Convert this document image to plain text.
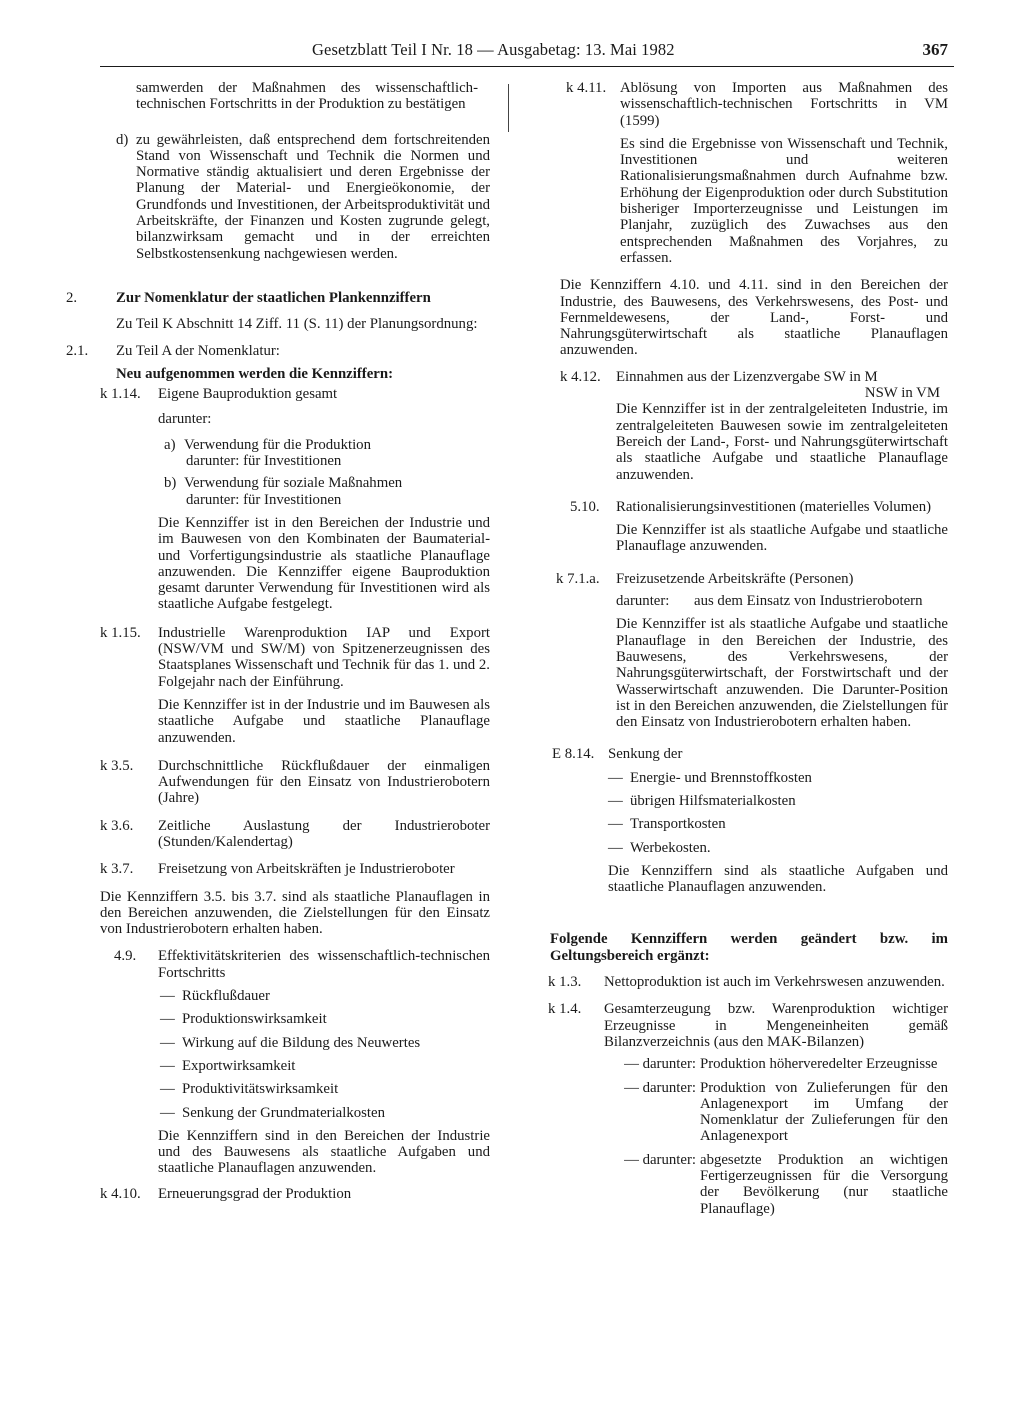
Gesetzblatt Teil I Nr. 18 — Ausgabetag: 13. Mai 1982	367

samwerden der Maßnahmen des wissenschaftlich-technischen Fortschritts in der Produktion zu bestätigen

d) zu gewährleisten, daß entsprechend dem fortschreitenden Stand von Wissenschaft und Technik die Normen und Normative ständig aktualisiert und deren Ergebnisse der Planung der Material- und Energieökonomie, der Grundfonds und Investitionen, der Arbeitsproduktivität und Arbeitskräfte, der Finanzen und Kosten zugrunde gelegt, bilanzwirksam gemacht und in der erreichten Selbstkostensenkung nachgewiesen werden.

2.	Zur Nomenklatur der staatlichen Plankennziffern

Zu Teil K Abschnitt 14 Ziff. 11 (S. 11) der Planungsordnung:

2.1.	Zu Teil A der Nomenklatur:

Neu aufgenommen werden die Kennziffern:

k 1.14.	Eigene Bauproduktion gesamt

darunter:

a) Verwendung für die Produktion

darunter: für Investitionen

b) Verwendung für soziale Maßnahmen

darunter: für Investitionen

Die Kennziffer ist in den Bereichen der Industrie und im Bauwesen von den Kombinaten der Baumaterial- und Vorfertigungsindustrie als staatliche Planauflage anzuwenden. Die Kennziffer eigene Bauproduktion gesamt darunter Verwendung für Investitionen wird als staatliche Aufgabe festgelegt.

k 1.15.	Industrielle Warenproduktion IAP und Export (NSW/VM und SW/M) von Spitzenerzeugnissen des Staatsplanes Wissenschaft und Technik für das 1. und 2. Folgejahr nach der Einführung.

Die Kennziffer ist in der Industrie und im Bauwesen als staatliche Aufgabe und staatliche Planauflage anzuwenden.

k 3.5.	Durchschnittliche Rückflußdauer der einmaligen Aufwendungen für den Einsatz von Industrierobotern (Jahre)

k 3.6.	Zeitliche Auslastung der Industrieroboter (Stunden/Kalendertag)

k 3.7.	Freisetzung von Arbeitskräften je Industrieroboter

Die Kennziffern 3.5. bis 3.7. sind als staatliche Planauflagen in den Bereichen anzuwenden, die Zielstellungen für den Einsatz von Industrierobotern erhalten haben.

4.9.	Effektivitätskriterien des wissenschaftlich-technischen Fortschritts

— Rückflußdauer
— Produktionswirksamkeit
— Wirkung auf die Bildung des Neuwertes
— Exportwirksamkeit
— Produktivitätswirksamkeit
— Senkung der Grundmaterialkosten

Die Kennziffern sind in den Bereichen der Industrie und des Bauwesens als staatliche Aufgaben und staatliche Planauflagen anzuwenden.

k 4.10.	Erneuerungsgrad der Produktion
k 4.11. Ablösung von Importen aus Maßnahmen des wissenschaftlich-technischen Fortschritts in VM (1599)

Es sind die Ergebnisse von Wissenschaft und Technik, Investitionen und weiteren Rationalisierungsmaßnahmen durch Aufnahme bzw. Erhöhung der Eigenproduktion oder durch Substitution bisheriger Importerzeugnisse und Leistungen im Planjahr, zuzüglich des Zuwachses aus den entsprechenden Maßnahmen des Vorjahres, zu erfassen.

Die Kennziffern 4.10. und 4.11. sind in den Bereichen der Industrie, des Bauwesens, des Verkehrswesens, des Post- und Fernmeldewesens, der Land-, Forst- und Nahrungsgüterwirtschaft als staatliche Planauflagen anzuwenden.

k 4.12.	Einnahmen aus der Lizenzvergabe SW in M

NSW in VM

Die Kennziffer ist in der zentralgeleiteten Industrie, im zentralgeleiteten Bauwesen sowie im zentralgeleiteten Bereich der Land-, Forst- und Nahrungsgüterwirtschaft als staatliche Aufgabe und staatliche Planauflage anzuwenden.

5.10.	Rationalisierungsinvestitionen (materielles Volumen)

Die Kennziffer ist als staatliche Aufgabe und staatliche Planauflage anzuwenden.

k 7.1.a.	Freizusetzende Arbeitskräfte (Personen)

darunter:	aus dem Einsatz von Industrierobotern

Die Kennziffer ist als staatliche Aufgabe und staatliche Planauflage in den Bereichen der Industrie, des Bauwesens, des Verkehrswesens, der Nahrungsgüterwirtschaft, der Forstwirtschaft und der Wasserwirtschaft anzuwenden. Die Darunter-Position ist in den Bereichen anzuwenden, die Zielstellungen für den Einsatz von Industrierobotern erhalten haben.

E 8.14. Senkung der

— Energie- und Brennstoffkosten
— übrigen Hilfsmaterialkosten
— Transportkosten
— Werbekosten.

Die Kennziffern sind als staatliche Aufgaben und staatliche Planauflagen anzuwenden.

Folgende Kennziffern werden geändert bzw. im Geltungsbereich ergänzt:

k 1.3.	Nettoproduktion ist auch im Verkehrswesen anzuwenden.

k 1.4.	Gesamterzeugung bzw. Warenproduktion wichtiger Erzeugnisse in Mengeneinheiten gemäß Bilanzverzeichnis (aus den MAK-Bilanzen)

— darunter: Produktion höherveredelter Erzeugnisse

— darunter: Produktion von Zulieferungen für den Anlagenexport im Umfang der Nomenklatur der Zulieferungen für den Anlagenexport

— darunter: abgesetzte Produktion an wichtigen Fertigerzeugnissen für die Versorgung der Bevölkerung (nur staatliche Planauflage)
